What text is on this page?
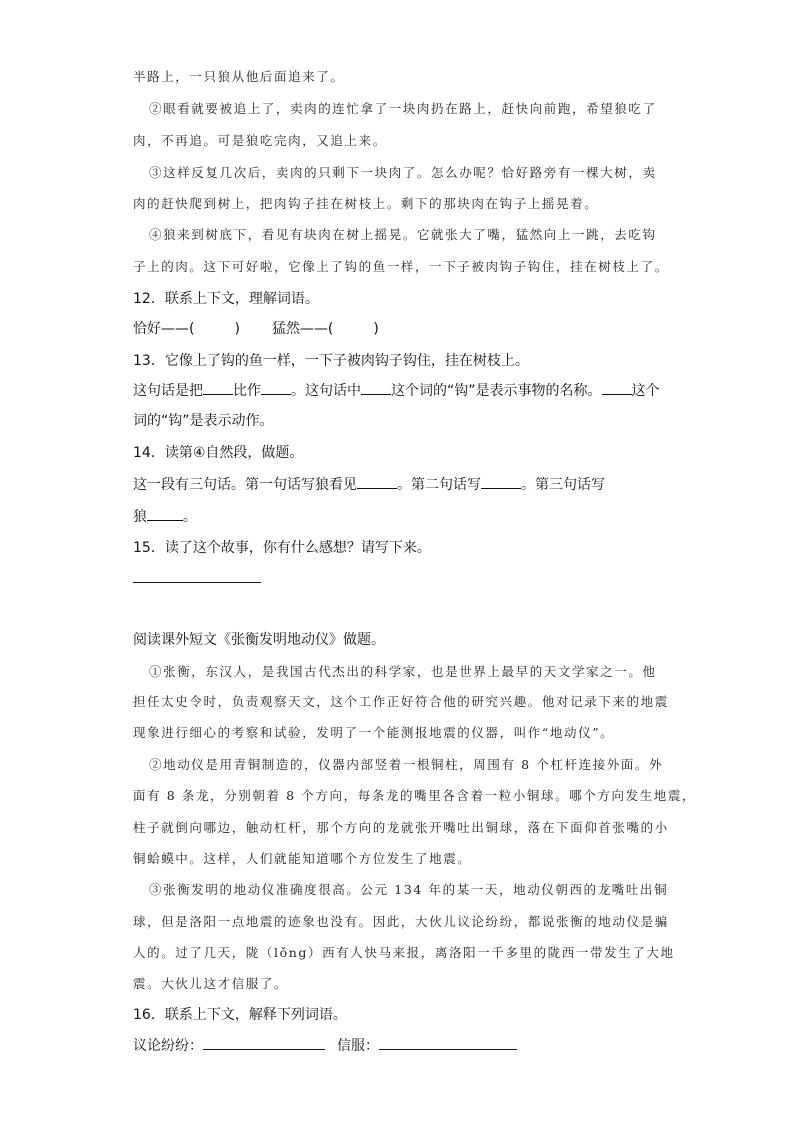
半路上，一只狼从他后面追来了。
②眼看就要被追上了，卖肉的连忙拿了一块肉扔在路上，赶快向前跑，希望狼吃了
肉，不再追。可是狼吃完肉，又追上来。
③这样反复几次后，卖肉的只剩下一块肉了。怎么办呢？恰好路旁有一棵大树，卖
肉的赶快爬到树上，把肉钩子挂在树枝上。剩下的那块肉在钩子上摇晃着。
④狼来到树底下，看见有块肉在树上摇晃。它就张大了嘴，猛然向上一跳，去吃钩
子上的肉。这下可好啦，它像上了钩的鱼一样，一下子被肉钩子钩住，挂在树枝上了。
12．联系上下文，理解词语。
恰好——(	) 猛然——(	)
13．它像上了钩的鱼一样，一下子被肉钩子钩住，挂在树枝上。
这句话是把 比作 。这句话中 这个词的“钩”是表示事物的名称。 这个
词的“钩”是表示动作。
14．读第④自然段，做题。
这一段有三句话。第一句话写狼看见	。第二句话写	。第三句话写
狼	。
15．读了这个故事，你有什么感想？请写下来。
阅读课外短文《张衡发明地动仪》做题。
①张衡，东汉人，是我国古代杰出的科学家，也是世界上最早的天文学家之一。他
担任太史令时，负责观察天文，这个工作正好符合他的研究兴趣。他对记录下来的地震
现象进行细心的考察和试验，发明了一个能测报地震的仪器，叫作“地动仪”。
②地动仪是用青铜制造的，仪器内部竖着一根铜柱，周围有 8 个杠杆连接外面。外
面有 8 条龙，分别朝着 8 个方向，每条龙的嘴里各含着一粒小铜球。哪个方向发生地震，
柱子就倒向哪边，触动杠杆，那个方向的龙就张开嘴吐出铜球，落在下面仰首张嘴的小
铜蛤蟆中。这样，人们就能知道哪个方位发生了地震。
③张衡发明的地动仪准确度很高。公元 134 年的某一天，地动仪朝西的龙嘴吐出铜
球，但是洛阳一点地震的迹象也没有。因此，大伙儿议论纷纷，都说张衡的地动仪是骗
人的。过了几天，陇（lǒng）西有人快马来报，离洛阳一千多里的陇西一带发生了大地
震。大伙儿这才信服了。
16．联系上下文，解释下列词语。
议论纷纷：	信服：
